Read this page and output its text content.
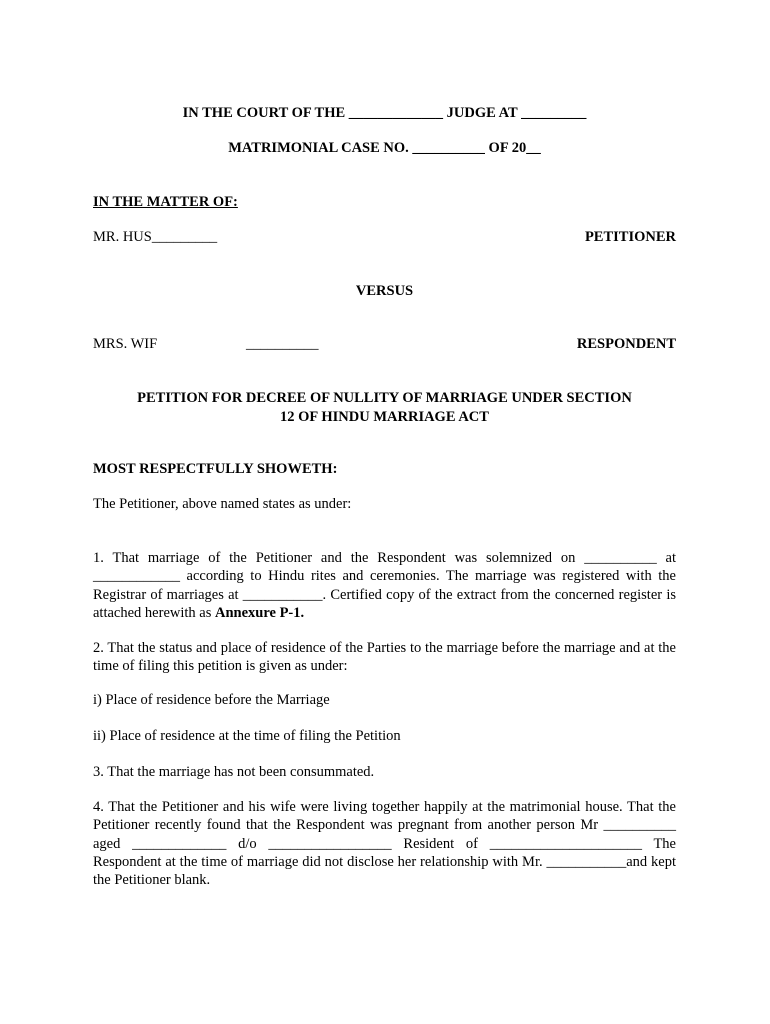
IN THE COURT OF THE _____________ JUDGE AT _________
MATRIMONIAL CASE NO. __________ OF 20__
IN THE MATTER OF:
MR. HUS_________	PETITIONER
VERSUS
MRS. WIF	__________	RESPONDENT
PETITION FOR DECREE OF NULLITY OF MARRIAGE UNDER SECTION
12 OF HINDU MARRIAGE ACT
MOST RESPECTFULLY SHOWETH:
The Petitioner, above named states as under:
1. That marriage of the Petitioner and the Respondent was solemnized on __________ at ____________ according to Hindu rites and ceremonies. The marriage was registered with the Registrar of marriages at ___________. Certified copy of the extract from the concerned register is attached herewith as Annexure P-1.
2. That the status and place of residence of the Parties to the marriage before the marriage and at the time of filing this petition is given as under:
i) Place of residence before the Marriage
ii) Place of residence at the time of filing the Petition
3. That the marriage has not been consummated.
4. That the Petitioner and his wife were living together happily at the matrimonial house. That the Petitioner recently found that the Respondent was pregnant from another person Mr __________ aged _____________ d/o _________________ Resident of _____________________ The Respondent at the time of marriage did not disclose her relationship with Mr. ___________and kept the Petitioner blank.
